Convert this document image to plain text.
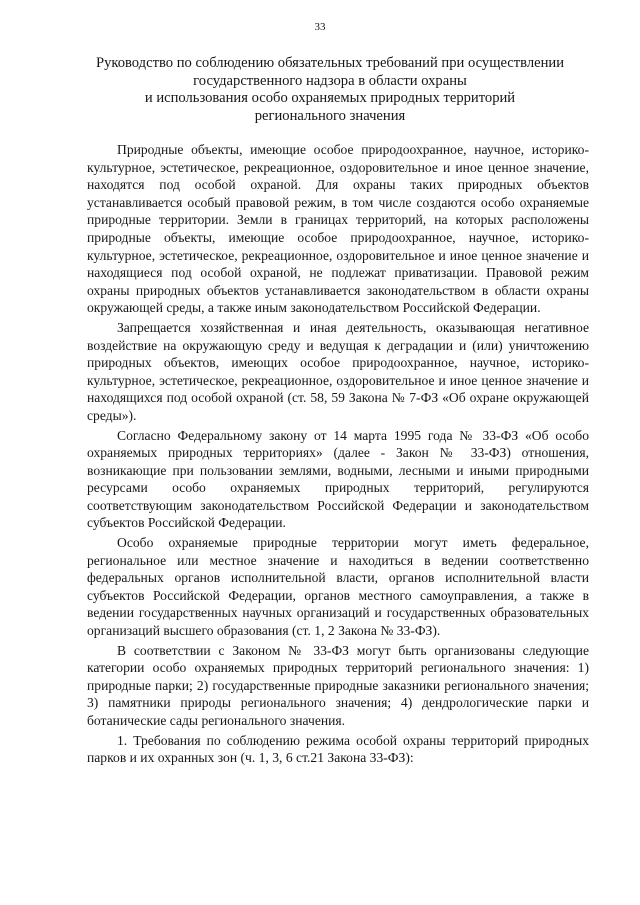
33
Руководство по соблюдению обязательных требований при осуществлении
государственного надзора в области охраны
и использования особо охраняемых природных территорий
регионального значения

Природные объекты, имеющие особое природоохранное, научное, историко- культурное, эстетическое, рекреационное, оздоровительное и иное ценное значение, находятся под особой охраной. Для охраны таких природных объектов устанавливается особый правовой режим, в том числе создаются особо охраняемые природные территории. Земли в границах территорий, на которых расположены природные объекты, имеющие особое природоохранное, научное, историко-культурное, эстетическое, рекреационное, оздоровительное и иное ценное значение и находящиеся под особой охраной, не подлежат приватизации. Правовой режим охраны природных объектов устанавливается законодательством в области охраны окружающей среды, а также иным законодательством Российской Федерации.

Запрещается хозяйственная и иная деятельность, оказывающая негативное воздействие на окружающую среду и ведущая к деградации и (или) уничтожению природных объектов, имеющих особое природоохранное, научное, историко-культурное, эстетическое, рекреационное, оздоровительное и иное ценное значение и находящихся под особой охраной (ст. 58, 59 Закона № 7-ФЗ «Об охране окружающей среды»).

Согласно Федеральному закону от 14 марта 1995 года № 33-ФЗ «Об особо охраняемых природных территориях» (далее - Закон № 33-ФЗ) отношения, возникающие при пользовании землями, водными, лесными и иными природными ресурсами особо охраняемых природных территорий, регулируются соответствующим законодательством Российской Федерации и законодательством субъектов Российской Федерации.

Особо охраняемые природные территории могут иметь федеральное, региональное или местное значение и находиться в ведении соответственно федеральных органов исполнительной власти, органов исполнительной власти субъектов Российской Федерации, органов местного самоуправления, а также в ведении государственных научных организаций и государственных образовательных организаций высшего образования (ст. 1, 2 Закона № 33-ФЗ).

В соответствии с Законом № 33-ФЗ могут быть организованы следующие категории особо охраняемых природных территорий регионального значения: 1) природные парки; 2) государственные природные заказники регионального значения; 3) памятники природы регионального значения; 4) дендрологические парки и ботанические сады регионального значения.

1. Требования по соблюдению режима особой охраны территорий природных парков и их охранных зон (ч. 1, 3, 6 ст.21 Закона 33-ФЗ):
